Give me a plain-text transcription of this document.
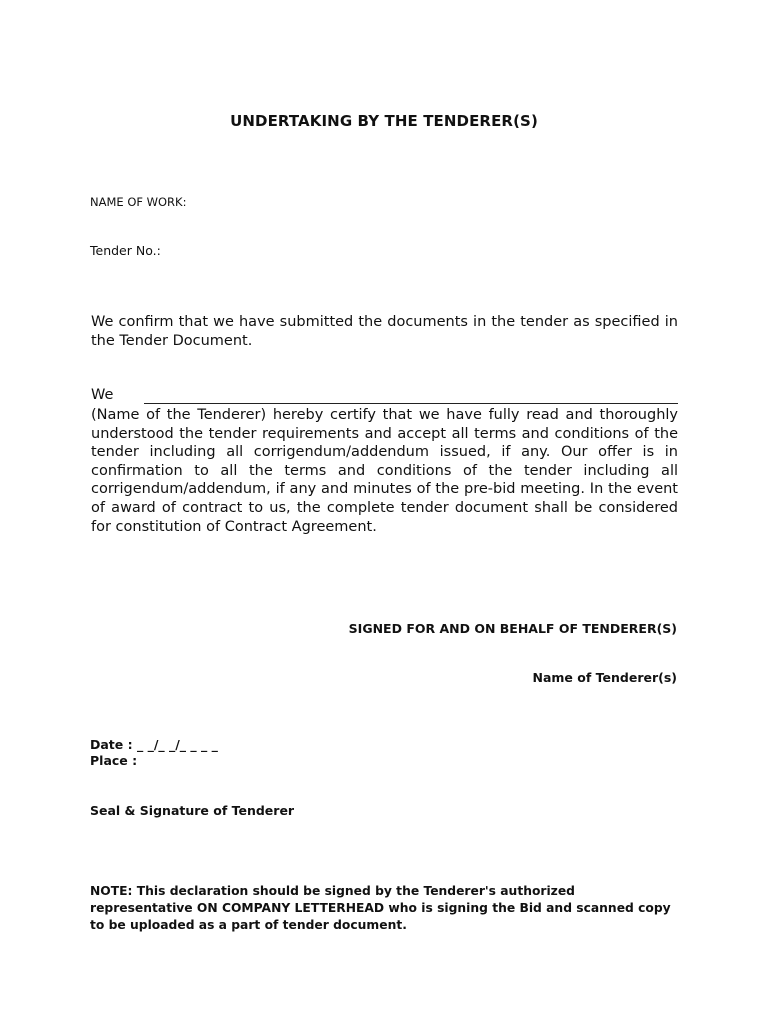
UNDERTAKING BY THE TENDERER(S)
NAME OF WORK:
Tender No.:
We confirm that we have submitted the documents in the tender as specified in the Tender Document.
We
(Name of the Tenderer) hereby certify that we have fully read and thoroughly understood the tender requirements and accept all terms and conditions of the tender including all corrigendum/addendum issued, if any. Our offer is in confirmation to all the terms and conditions of the tender including all corrigendum/addendum, if any and minutes of the pre-bid meeting. In the event of award of contract to us, the complete tender document shall be considered for constitution of Contract Agreement.
SIGNED FOR AND ON BEHALF OF TENDERER(S)
Name of Tenderer(s)
Date : _ _/_ _/_ _ _ _
Place :
Seal & Signature of Tenderer
NOTE: This declaration should be signed by the Tenderer's authorized representative ON COMPANY LETTERHEAD who is signing the Bid and scanned copy to be uploaded as a part of tender document.
